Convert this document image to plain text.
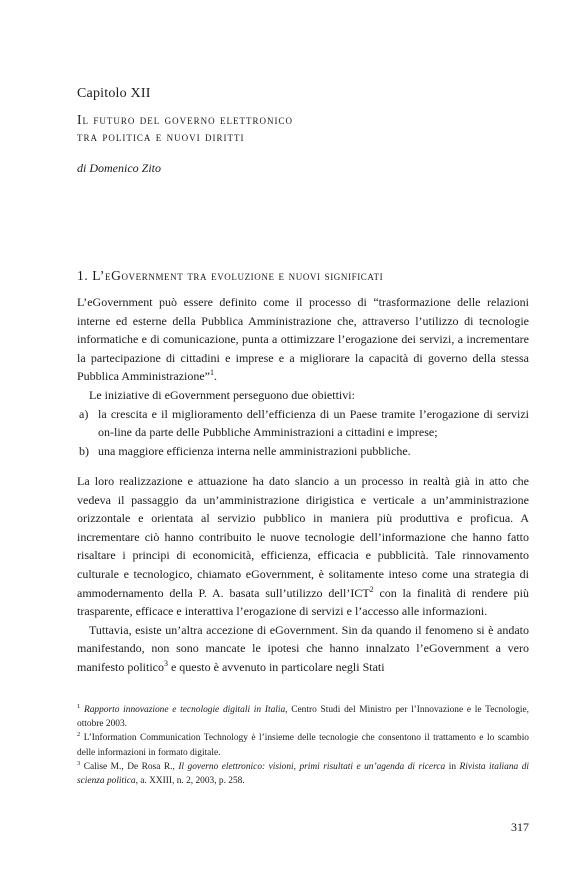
Capitolo XII
Il futuro del governo elettronico
tra politica e nuovi diritti
di Domenico Zito
1. L’eGovernment tra evoluzione e nuovi significati

L’eGovernment può essere definito come il processo di “trasformazione delle relazioni interne ed esterne della Pubblica Amministrazione che, attraverso l’utilizzo di tecnologie informatiche e di comunicazione, punta a ottimizzare l’erogazione dei servizi, a incrementare la partecipazione di cittadini e imprese e a migliorare la capacità di governo della stessa Pubblica Amministrazione”$^1$.

Le iniziative di eGovernment perseguono due obiettivi:

a) la crescita e il miglioramento dell’efficienza di un Paese tramite l’erogazione di servizi on-line da parte delle Pubbliche Amministrazioni a cittadini e imprese;
b) una maggiore efficienza interna nelle amministrazioni pubbliche.

La loro realizzazione e attuazione ha dato slancio a un processo in realtà già in atto che vedeva il passaggio da un’amministrazione dirigistica e verticale a un’amministrazione orizzontale e orientata al servizio pubblico in maniera più produttiva e proficua. A incrementare ciò hanno contribuito le nuove tecnologie dell’informazione che hanno fatto risaltare i principi di economicità, efficienza, efficacia e pubblicità. Tale rinnovamento culturale e tecnologico, chiamato eGovernment, è solitamente inteso come una strategia di ammodernamento della P. A. basata sull’utilizzo dell’ICT$^2$ con la finalità di rendere più trasparente, efficace e interattiva l’erogazione di servizi e l’accesso alle informazioni.

Tuttavia, esiste un’altra accezione di eGovernment. Sin da quando il fenomeno si è andato manifestando, non sono mancate le ipotesi che hanno innalzato l’eGovernment a vero manifesto politico$^3$ e questo è avvenuto in particolare negli Stati

$^1$ Rapporto innovazione e tecnologie digitali in Italia, Centro Studi del Ministro per l’Innovazione e le Tecnologie, ottobre 2003.

$^2$ L’Information Communication Technology è l’insieme delle tecnologie che consentono il trattamento e lo scambio delle informazioni in formato digitale.

$^3$ Calise M., De Rosa R., Il governo elettronico: visioni, primi risultati e un’agenda di ricerca in Rivista italiana di scienza politica, a. XXIII, n. 2, 2003, p. 258.

317
